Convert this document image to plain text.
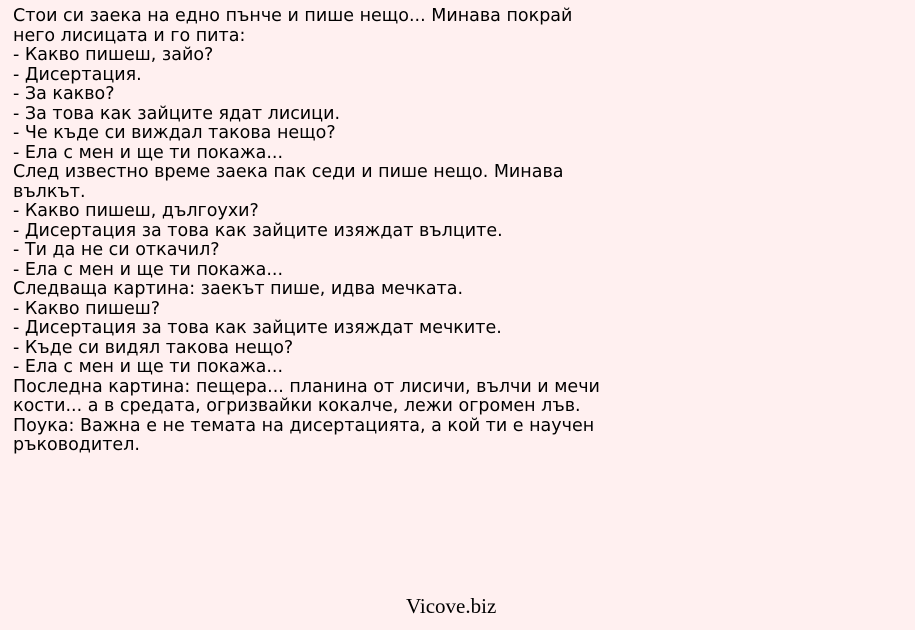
Стои си заека на едно пънче и пише нещо... Минава покрай
него лисицата и го пита:
- Какво пишеш, зайо?
- Дисертация.
- За какво?
- За това как зайците ядат лисици.
- Че къде си виждал такова нещо?
- Ела с мен и ще ти покажа...
След известно време заека пак седи и пише нещо. Минава
вълкът.
- Какво пишеш, дългоухи?
- Дисертация за това как зайците изяждат вълците.
- Ти да не си откачил?
- Ела с мен и ще ти покажа...
Следваща картина: заекът пише, идва мечката.
- Какво пишеш?
- Дисертация за това как зайците изяждат мечките.
- Къде си видял такова нещо?
- Ела с мен и ще ти покажа...
Последна картина: пещера... планина от лисичи, вълчи и мечи
кости... а в средата, огризвайки кокалче, лежи огромен лъв.
Поука: Важна е не темата на дисертацията, а кой ти е научен
ръководител.
Vicove.biz
